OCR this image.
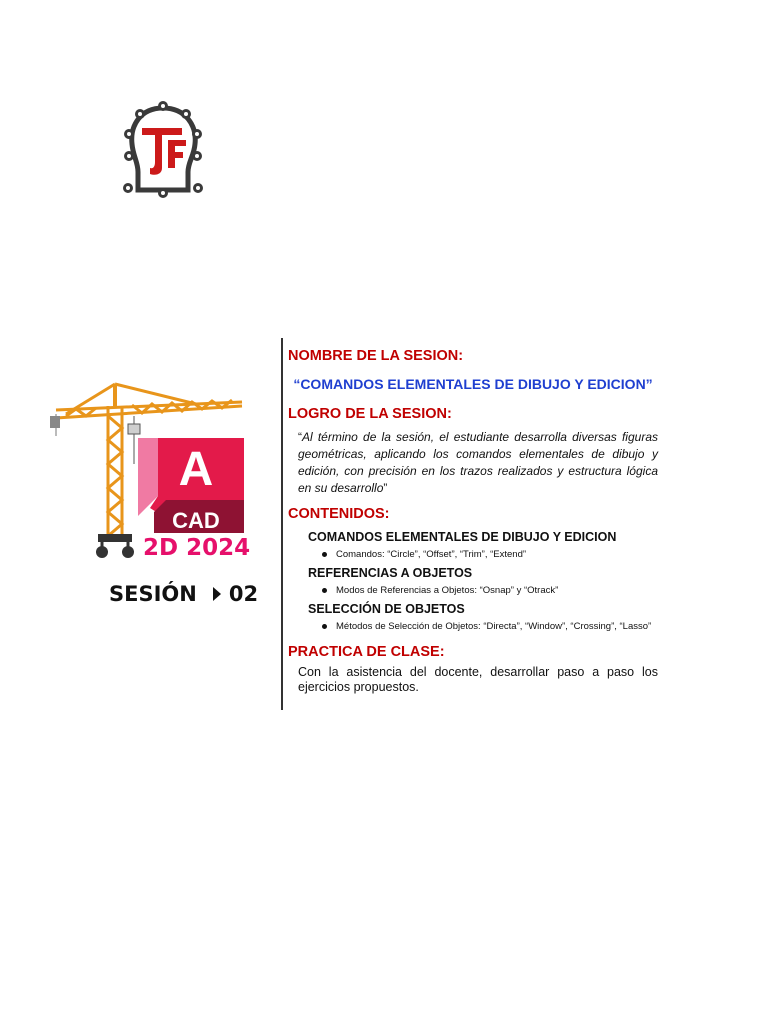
A
CAD
2D 2024
SESIÓN 02

NOMBRE DE LA SESION:

“COMANDOS ELEMENTALES DE DIBUJO Y EDICION”

LOGRO DE LA SESION:

“Al término de la sesión, el estudiante desarrolla diversas figuras geométricas, aplicando los comandos elementales de dibujo y edición, con precisión en los trazos realizados y estructura lógica en su desarrollo”

CONTENIDOS:

COMANDOS ELEMENTALES DE DIBUJO Y EDICION

Comandos: “Circle”, “Offset”, “Trim”, “Extend”

REFERENCIAS A OBJETOS

Modos de Referencias a Objetos: “Osnap” y “Otrack”

SELECCIÓN DE OBJETOS

Métodos de Selección de Objetos: “Directa”, “Window”, “Crossing”, “Lasso”

PRACTICA DE CLASE:

Con la asistencia del docente, desarrollar paso a paso los ejercicios propuestos.
